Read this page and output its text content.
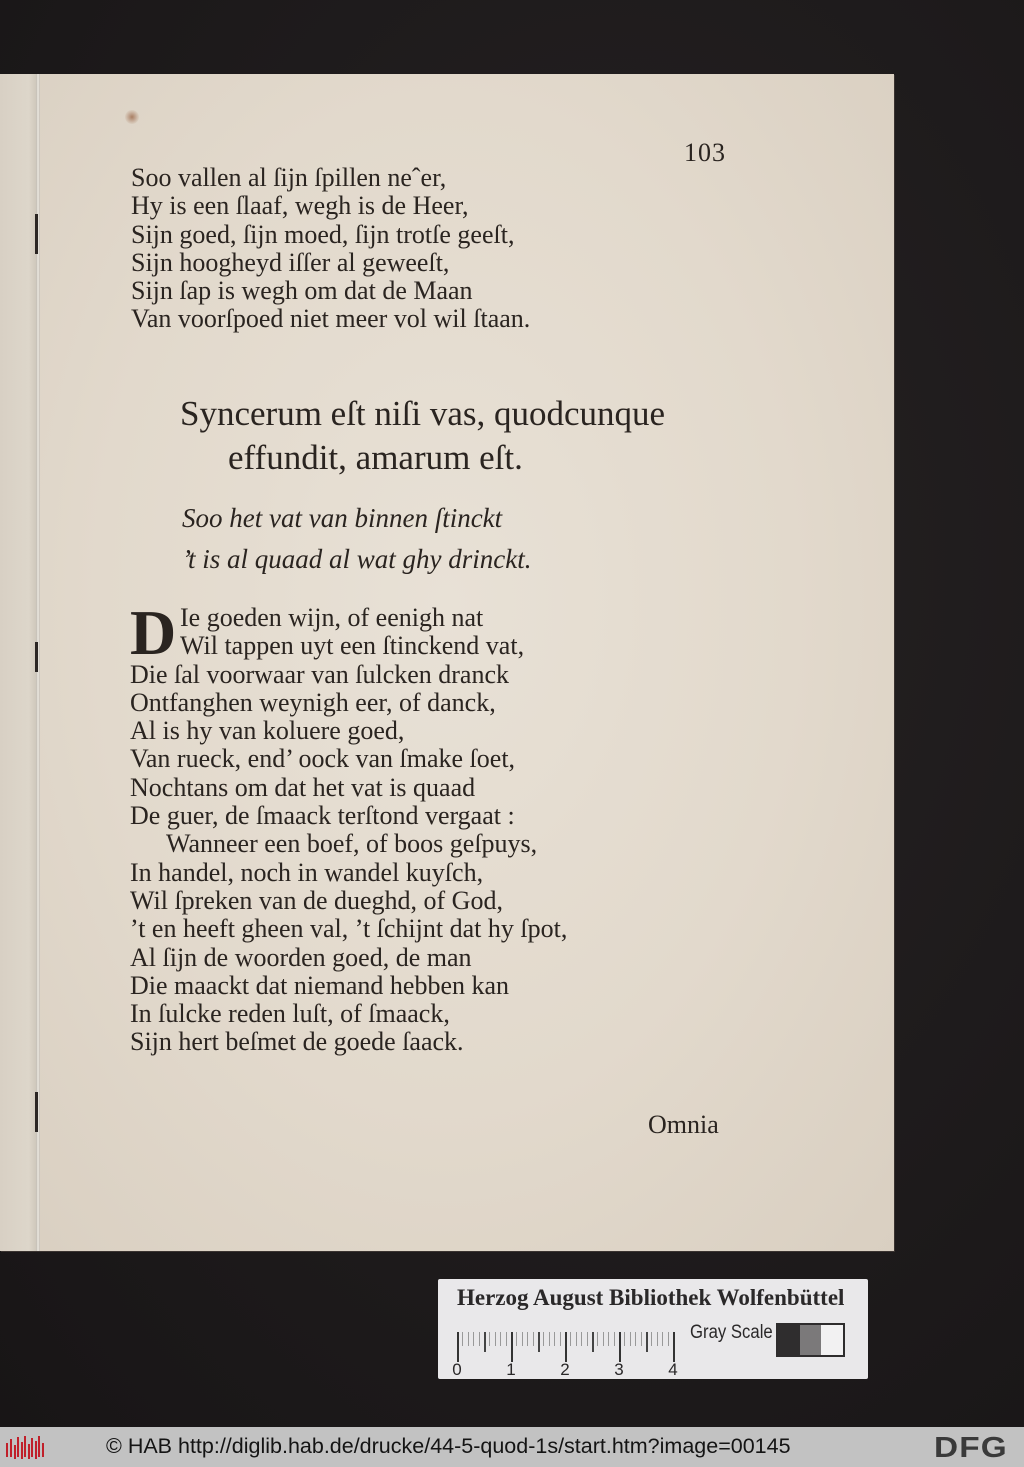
103
Soo vallen al ſijn ſpillen neˆer,
Hy is een ſlaaf, wegh is de Heer,
Sijn goed, ſijn moed, ſijn trotſe geeſt,
Sijn hoogheyd iſſer al geweeſt,
Sijn ſap is wegh om dat de Maan
Van voorſpoed niet meer vol wil ſtaan.
Syncerum eſt niſi vas, quodcunque
effundit, amarum eſt.
Soo het vat van binnen ſtinckt
’t is al quaad al wat ghy drinckt.
D Ie goeden wijn, of eenigh nat
Wil tappen uyt een ſtinckend vat,
Die ſal voorwaar van ſulcken dranck
Ontfanghen weynigh eer, of danck,
Al is hy van koluere goed,
Van rueck, end’ oock van ſmake ſoet,
Nochtans om dat het vat is quaad
De guer, de ſmaack terſtond vergaat :
Wanneer een boef, of boos geſpuys,
In handel, noch in wandel kuyſch,
Wil ſpreken van de dueghd, of God,
’t en heeft gheen val, ’t ſchijnt dat hy ſpot,
Al ſijn de woorden goed, de man
Die maackt dat niemand hebben kan
In ſulcke reden luſt, of ſmaack,
Sijn hert beſmet de goede ſaack.
Omnia
Herzog August Bibliothek Wolfenbüttel
0	1	2	3	4
Gray Scale
© HAB http://diglib.hab.de/drucke/44-5-quod-1s/start.htm?image=00145	DFG
